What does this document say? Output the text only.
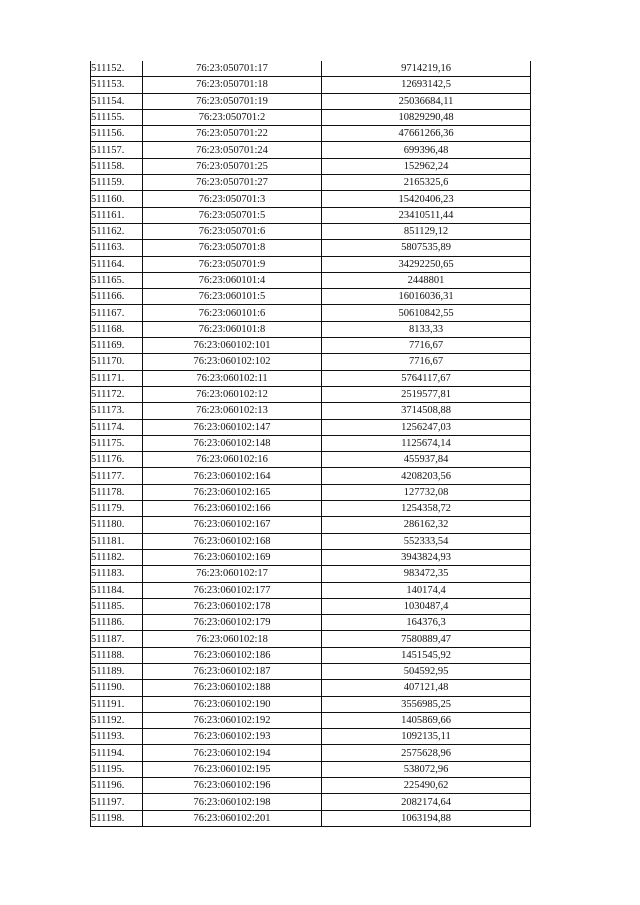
511152.	76:23:050701:17	9714219,16
511153.	76:23:050701:18	12693142,5
511154.	76:23:050701:19	25036684,11
511155.	76:23:050701:2	10829290,48
511156.	76:23:050701:22	47661266,36
511157.	76:23:050701:24	699396,48
511158.	76:23:050701:25	152962,24
511159.	76:23:050701:27	2165325,6
511160.	76:23:050701:3	15420406,23
511161.	76:23:050701:5	23410511,44
511162.	76:23:050701:6	851129,12
511163.	76:23:050701:8	5807535,89
511164.	76:23:050701:9	34292250,65
511165.	76:23:060101:4	2448801
511166.	76:23:060101:5	16016036,31
511167.	76:23:060101:6	50610842,55
511168.	76:23:060101:8	8133,33
511169.	76:23:060102:101	7716,67
511170.	76:23:060102:102	7716,67
511171.	76:23:060102:11	5764117,67
511172.	76:23:060102:12	2519577,81
511173.	76:23:060102:13	3714508,88
511174.	76:23:060102:147	1256247,03
511175.	76:23:060102:148	1125674,14
511176.	76:23:060102:16	455937,84
511177.	76:23:060102:164	4208203,56
511178.	76:23:060102:165	127732,08
511179.	76:23:060102:166	1254358,72
511180.	76:23:060102:167	286162,32
511181.	76:23:060102:168	552333,54
511182.	76:23:060102:169	3943824,93
511183.	76:23:060102:17	983472,35
511184.	76:23:060102:177	140174,4
511185.	76:23:060102:178	1030487,4
511186.	76:23:060102:179	164376,3
511187.	76:23:060102:18	7580889,47
511188.	76:23:060102:186	1451545,92
511189.	76:23:060102:187	504592,95
511190.	76:23:060102:188	407121,48
511191.	76:23:060102:190	3556985,25
511192.	76:23:060102:192	1405869,66
511193.	76:23:060102:193	1092135,11
511194.	76:23:060102:194	2575628,96
511195.	76:23:060102:195	538072,96
511196.	76:23:060102:196	225490,62
511197.	76:23:060102:198	2082174,64
511198.	76:23:060102:201	1063194,88
